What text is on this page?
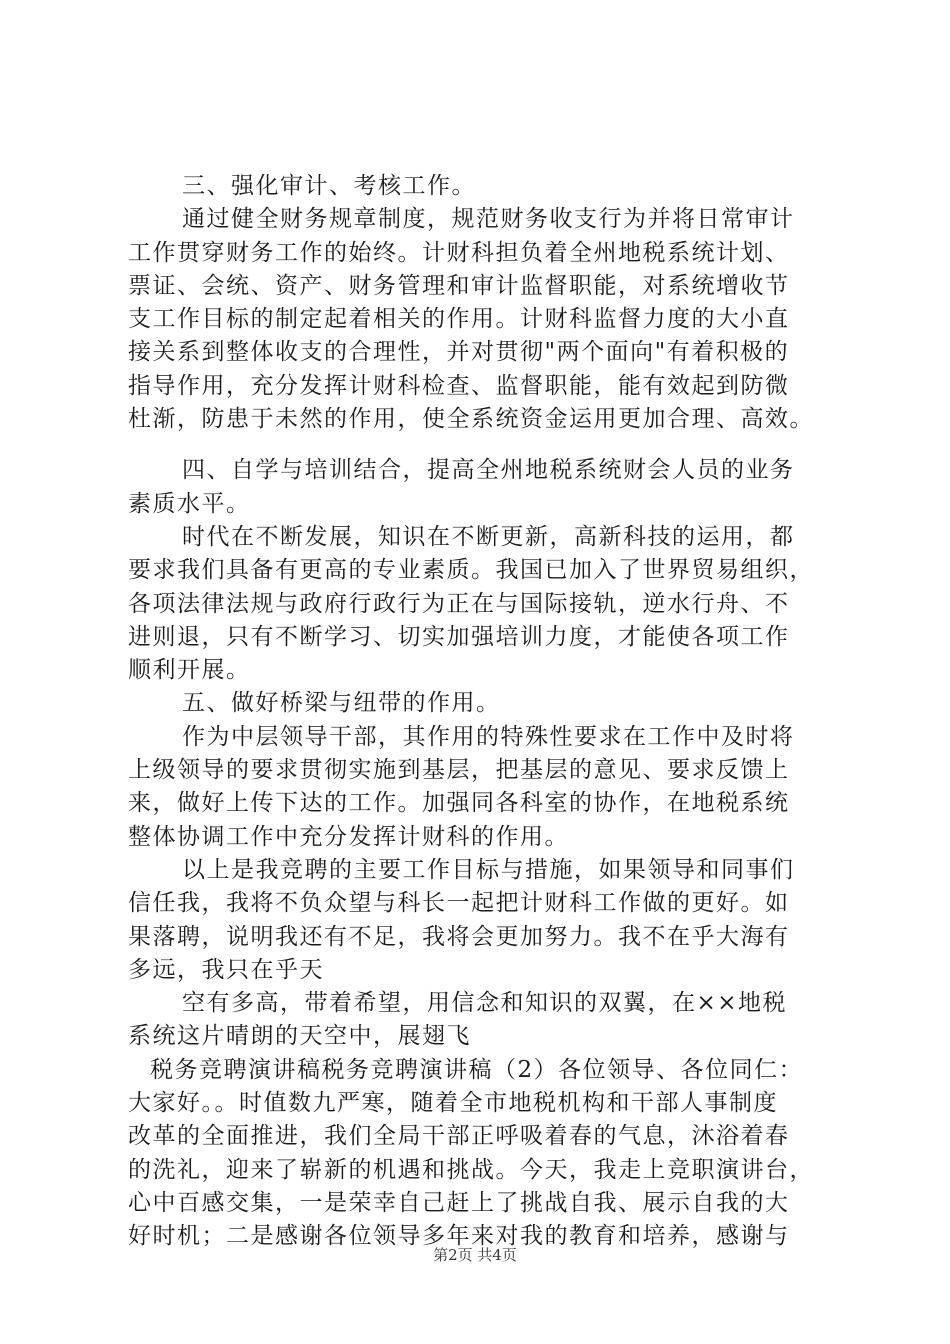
三、强化审计、考核工作。
通过健全财务规章制度，规范财务收支行为并将日常审计
工作贯穿财务工作的始终。计财科担负着全州地税系统计划、
票证、会统、资产、财务管理和审计监督职能，对系统增收节
支工作目标的制定起着相关的作用。计财科监督力度的大小直
接关系到整体收支的合理性，并对贯彻"两个面向"有着积极的
指导作用，充分发挥计财科检查、监督职能，能有效起到防微
杜渐，防患于未然的作用，使全系统资金运用更加合理、高效。
四、自学与培训结合，提高全州地税系统财会人员的业务
素质水平。
时代在不断发展，知识在不断更新，高新科技的运用，都
要求我们具备有更高的专业素质。我国已加入了世界贸易组织，
各项法律法规与政府行政行为正在与国际接轨，逆水行舟、不
进则退，只有不断学习、切实加强培训力度，才能使各项工作
顺利开展。
五、做好桥梁与纽带的作用。
作为中层领导干部，其作用的特殊性要求在工作中及时将
上级领导的要求贯彻实施到基层，把基层的意见、要求反馈上
来，做好上传下达的工作。加强同各科室的协作，在地税系统
整体协调工作中充分发挥计财科的作用。
以上是我竞聘的主要工作目标与措施，如果领导和同事们
信任我，我将不负众望与科长一起把计财科工作做的更好。如
果落聘，说明我还有不足，我将会更加努力。我不在乎大海有
多远，我只在乎天
空有多高，带着希望，用信念和知识的双翼，在××地税
系统这片晴朗的天空中，展翅飞
税务竞聘演讲稿税务竞聘演讲稿（2）各位领导、各位同仁：
大家好。。时值数九严寒，随着全市地税机构和干部人事制度
改革的全面推进，我们全局干部正呼吸着春的气息，沐浴着春
的洗礼，迎来了崭新的机遇和挑战。今天，我走上竞职演讲台，
心中百感交集，一是荣幸自己赶上了挑战自我、展示自我的大
好时机；二是感谢各位领导多年来对我的教育和培养，感谢与
第2页 共4页
